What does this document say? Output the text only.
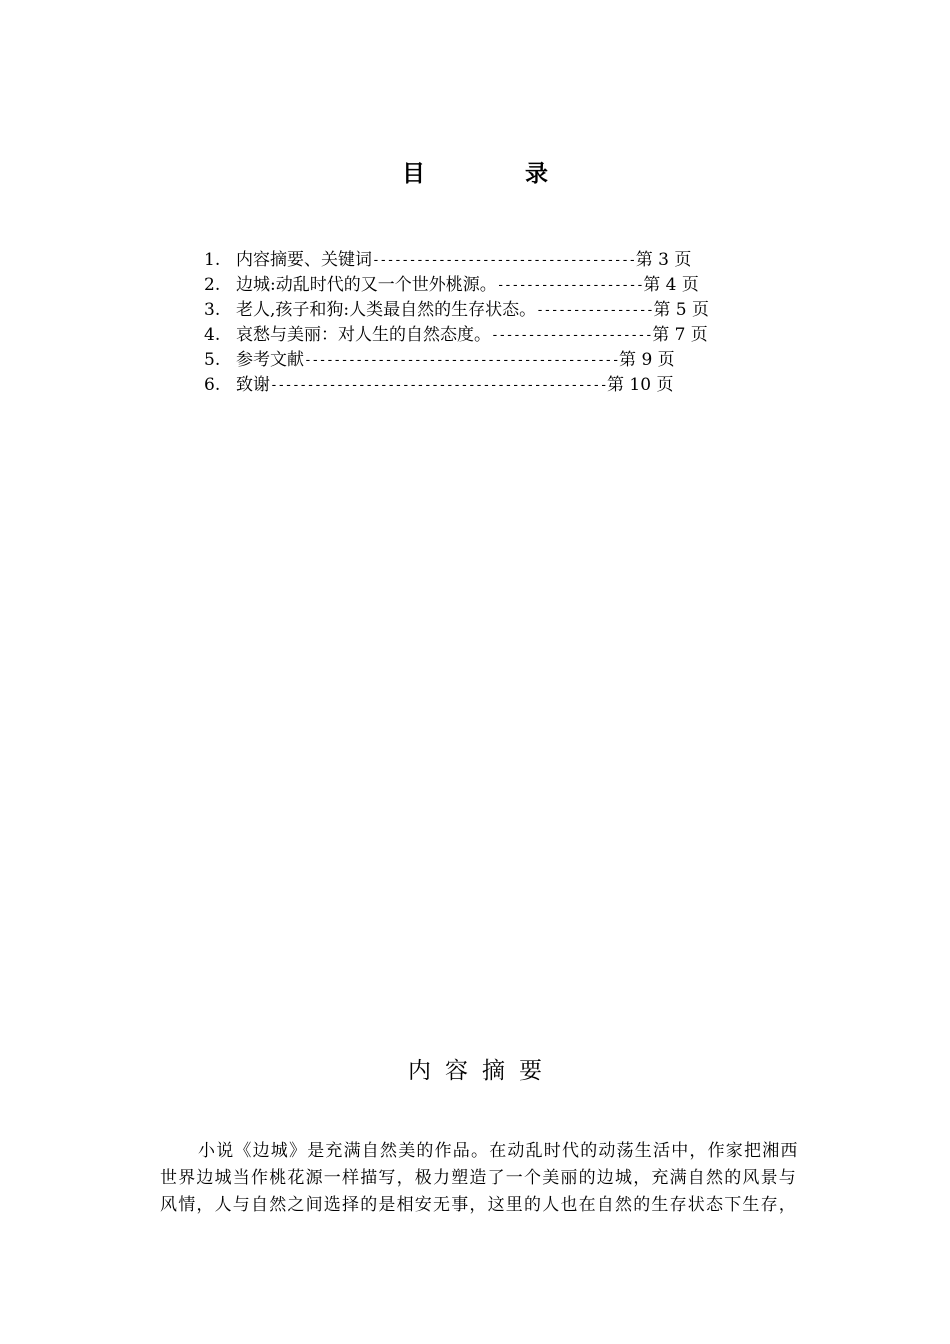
目	录
1. 内容摘要、关键词 ------------------------------------ 第 3 页
2. 边城:动乱时代的又一个世外桃源。 -------------------- 第 4 页
3. 老人,孩子和狗:人类最自然的生存状态。 ---------------- 第 5 页
4. 哀愁与美丽：对人生的自然态度。 ---------------------- 第 7 页
5. 参考文献 ------------------------------------------- 第 9 页
6. 致谢 ---------------------------------------------- 第 10 页
内容摘要

小说《边城》是充满自然美的作品。在动乱时代的动荡生活中，作家把湘西
世界边城当作桃花源一样描写，极力塑造了一个美丽的边城，充满自然的风景与
风情，人与自然之间选择的是相安无事，这里的人也在自然的生存状态下生存，
